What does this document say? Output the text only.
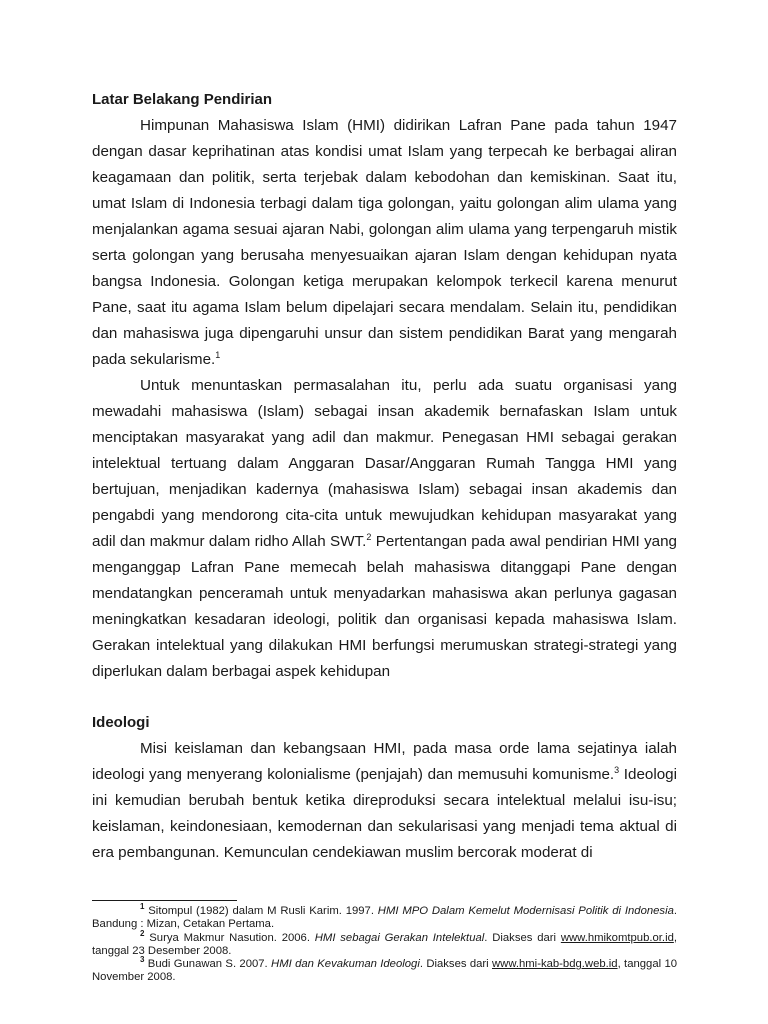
Latar Belakang Pendirian

Himpunan Mahasiswa Islam (HMI) didirikan Lafran Pane pada tahun 1947 dengan dasar keprihatinan atas kondisi umat Islam yang terpecah ke berbagai aliran keagamaan dan politik, serta terjebak dalam kebodohan dan kemiskinan. Saat itu, umat Islam di Indonesia terbagi dalam tiga golongan, yaitu golongan alim ulama yang menjalankan agama sesuai ajaran Nabi, golongan alim ulama yang terpengaruh mistik serta golongan yang berusaha menyesuaikan ajaran Islam dengan kehidupan nyata bangsa Indonesia. Golongan ketiga merupakan kelompok terkecil karena menurut Pane, saat itu agama Islam belum dipelajari secara mendalam. Selain itu, pendidikan dan mahasiswa juga dipengaruhi unsur dan sistem pendidikan Barat yang mengarah pada sekularisme.$^1$

Untuk menuntaskan permasalahan itu, perlu ada suatu organisasi yang mewadahi mahasiswa (Islam) sebagai insan akademik bernafaskan Islam untuk menciptakan masyarakat yang adil dan makmur. Penegasan HMI sebagai gerakan intelektual tertuang dalam Anggaran Dasar/Anggaran Rumah Tangga HMI yang bertujuan, menjadikan kadernya (mahasiswa Islam) sebagai insan akademis dan pengabdi yang mendorong cita-cita untuk mewujudkan kehidupan masyarakat yang adil dan makmur dalam ridho Allah SWT.$^2$ Pertentangan pada awal pendirian HMI yang menganggap Lafran Pane memecah belah mahasiswa ditanggapi Pane dengan mendatangkan penceramah untuk menyadarkan mahasiswa akan perlunya gagasan meningkatkan kesadaran ideologi, politik dan organisasi kepada mahasiswa Islam. Gerakan intelektual yang dilakukan HMI berfungsi merumuskan strategi-strategi yang diperlukan dalam berbagai aspek kehidupan

Ideologi

Misi keislaman dan kebangsaan HMI, pada masa orde lama sejatinya ialah ideologi yang menyerang kolonialisme (penjajah) dan memusuhi komunisme.$^3$ Ideologi ini kemudian berubah bentuk ketika direproduksi secara intelektual melalui isu-isu; keislaman, keindonesiaan, kemodernan dan sekularisasi yang menjadi tema aktual di era pembangunan. Kemunculan cendekiawan muslim bercorak moderat di

$^1$ Sitompul (1982) dalam M Rusli Karim. 1997. HMI MPO Dalam Kemelut Modernisasi Politik di Indonesia. Bandung : Mizan, Cetakan Pertama.

$^2$ Surya Makmur Nasution. 2006. HMI sebagai Gerakan Intelektual. Diakses dari www.hmikomtpub.or.id, tanggal 23 Desember 2008.

$^3$ Budi Gunawan S. 2007. HMI dan Kevakuman Ideologi. Diakses dari www.hmi-kab-bdg.web.id, tanggal 10 November 2008.
